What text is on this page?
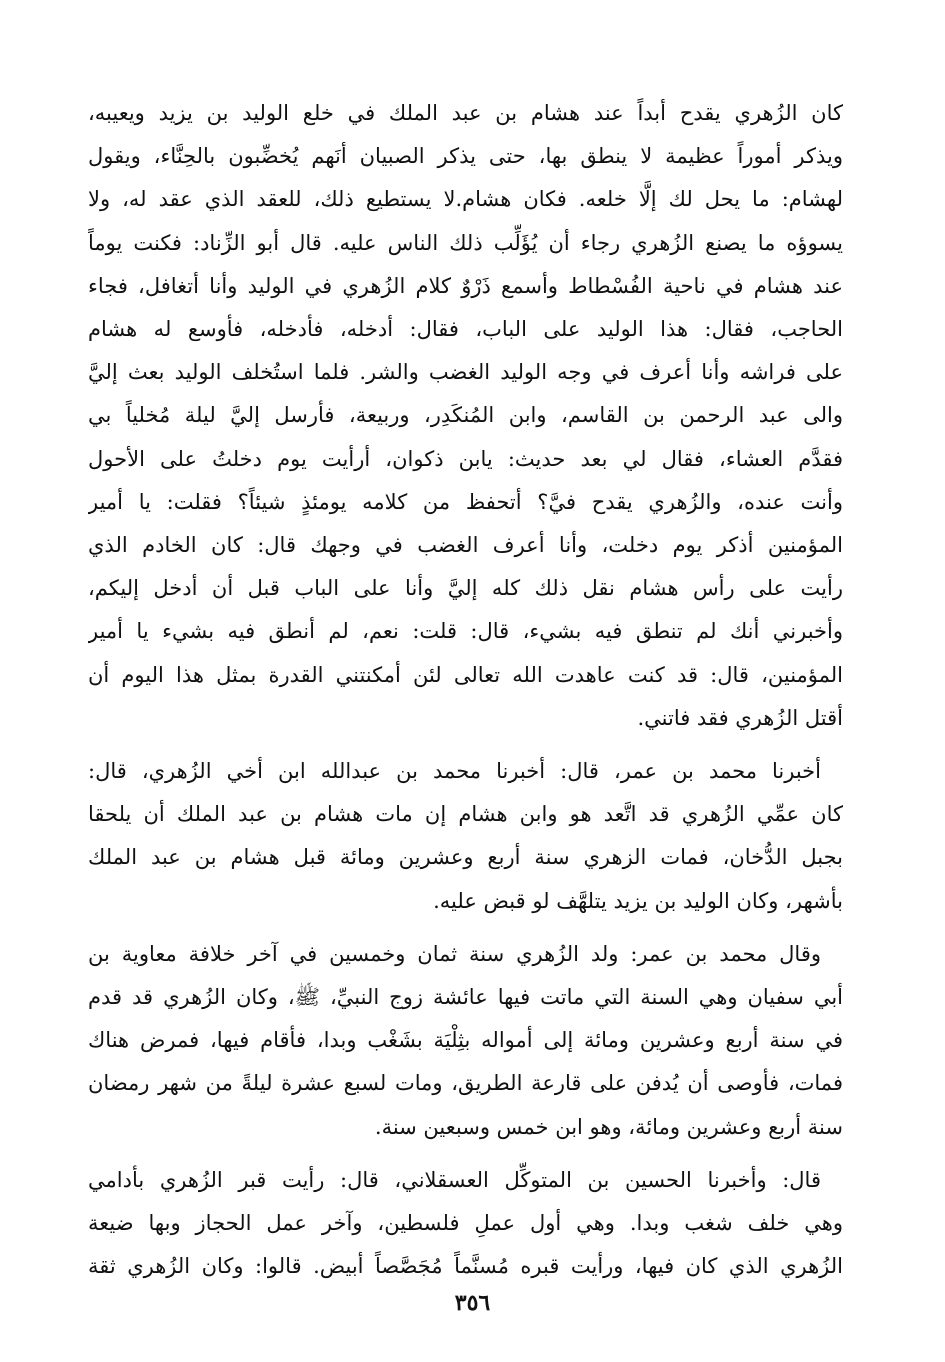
كان الزُهري يقدح أبداً عند هشام بن عبد الملك في خلع الوليد بن يزيد ويعيبه،
ويذكر أموراً عظيمة لا ينطق بها، حتى يذكر الصبيان أنَهم يُخضِّبون بالحِنَّاء، ويقول
لهشام: ما يحل لك إلَّا خلعه. فكان هشام.لا يستطيع ذلك، للعقد الذي عقد له، ولا
يسوؤه ما يصنع الزُهري رجاء أن يُؤَلِّب ذلك الناس عليه. قال أبو الزِّناد: فكنت يوماً
عند هشام في ناحية الفُسْطاط وأسمع ذَرْوٌ كلام الزُهري في الوليد وأنا أتغافل، فجاء
الحاجب، فقال: هذا الوليد على الباب، فقال: أدخله، فأدخله، فأوسع له هشام
على فراشه وأنا أعرف في وجه الوليد الغضب والشر. فلما استُخلف الوليد بعث إليَّ
والى عبد الرحمن بن القاسم، وابن المُنكَدِر، وربيعة، فأرسل إليَّ ليلة مُخلياً بي
فقدَّم العشاء، فقال لي بعد حديث: يابن ذكوان، أرأيت يوم دخلتُ على الأحول
وأنت عنده، والزُهري يقدح فيَّ؟ أتحفظ من كلامه يومئذٍ شيئاً؟ فقلت: يا أمير
المؤمنين أذكر يوم دخلت، وأنا أعرف الغضب في وجهك قال: كان الخادم الذي
رأيت على رأس هشام نقل ذلك كله إليَّ وأنا على الباب قبل أن أدخل إليكم،
وأخبرني أنك لم تنطق فيه بشيء، قال: قلت: نعم، لم أنطق فيه بشيء يا أمير
المؤمنين، قال: قد كنت عاهدت الله تعالى لئن أمكنتني القدرة بمثل هذا اليوم أن
أقتل الزُهري فقد فاتني.
أخبرنا محمد بن عمر، قال: أخبرنا محمد بن عبدالله ابن أخي الزُهري، قال:
كان عمِّي الزُهري قد اتَّعد هو وابن هشام إن مات هشام بن عبد الملك أن يلحقا
بجبل الدُّخان، فمات الزهري سنة أربع وعشرين ومائة قبل هشام بن عبد الملك
بأشهر، وكان الوليد بن يزيد يتلهَّف لو قبض عليه.
وقال محمد بن عمر: ولد الزُهري سنة ثمان وخمسين في آخر خلافة معاوية بن
أبي سفيان وهي السنة التي ماتت فيها عائشة زوج النبيِّ، ﷺ، وكان الزُهري قد قدم
في سنة أربع وعشرين ومائة إلى أمواله بثِلْيَة بشَغْب وبدا، فأقام فيها، فمرض هناك
فمات، فأوصى أن يُدفن على قارعة الطريق، ومات لسبع عشرة ليلةً من شهر رمضان
سنة أربع وعشرين ومائة، وهو ابن خمس وسبعين سنة.
قال: وأخبرنا الحسين بن المتوكِّل العسقلاني، قال: رأيت قبر الزُهري بأدامي
وهي خلف شغب وبدا. وهي أول عملِ فلسطين، وآخر عمل الحجاز وبها ضيعة
الزُهري الذي كان فيها، ورأيت قبره مُسنَّماً مُجَصَّصاً أبيض. قالوا: وكان الزُهري ثقة
٣٥٦
